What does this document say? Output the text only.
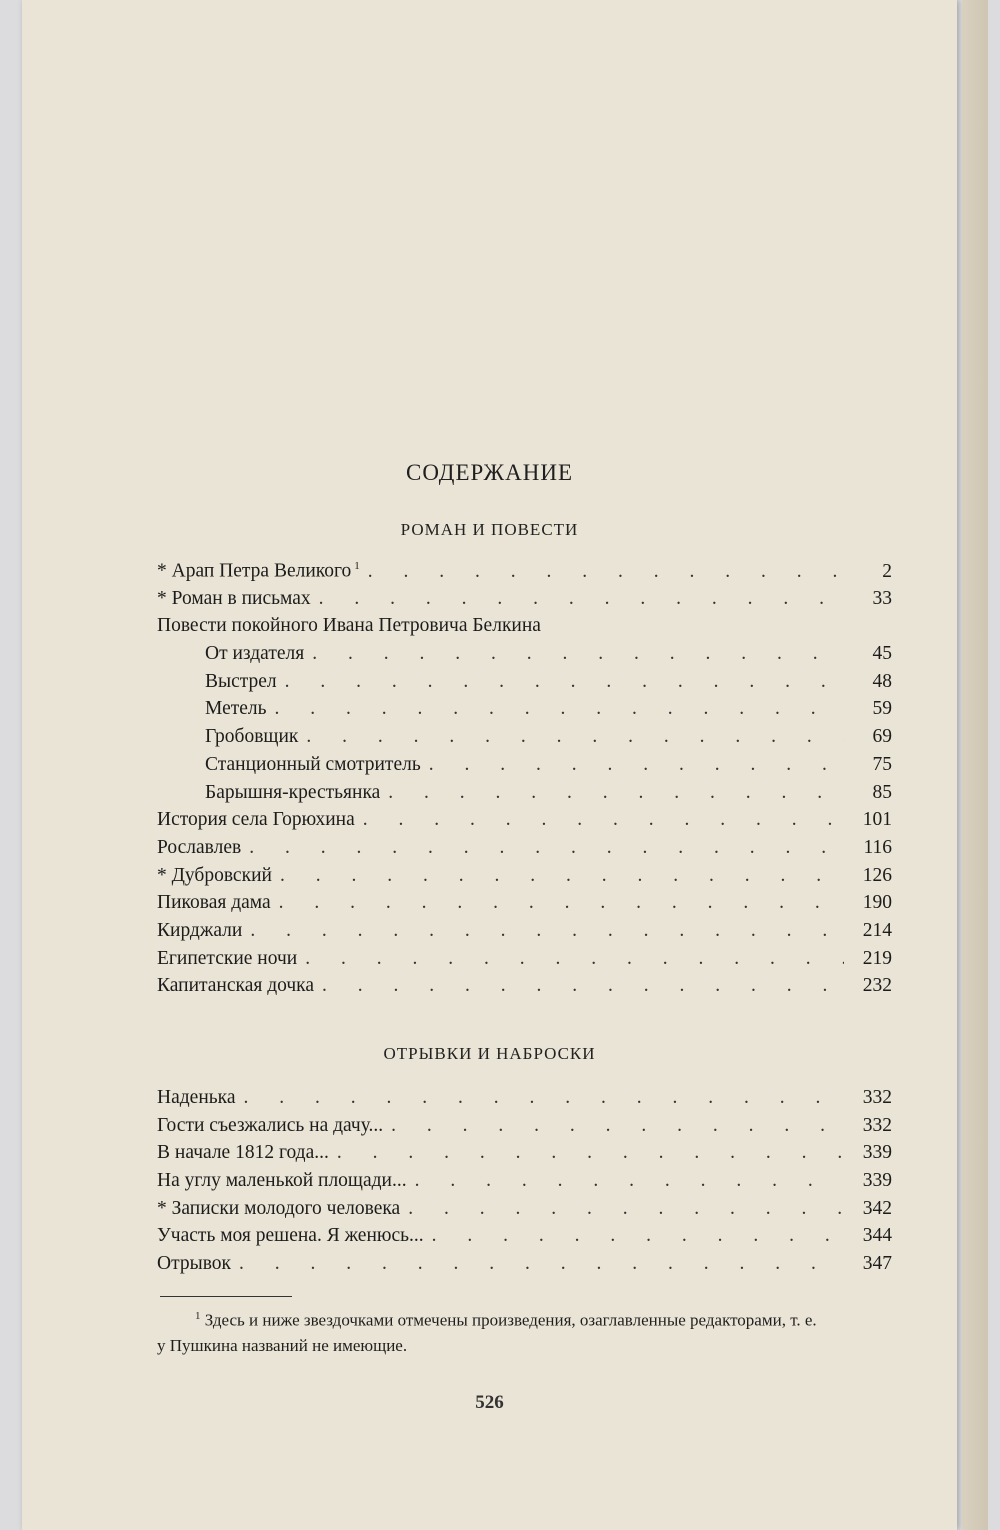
СОДЕРЖАНИЕ
РОМАН И ПОВЕСТИ
* Арап Петра Великого $^1$ . . .	2
* Роман в письмах . . .	33
Повести покойного Ивана Петровича Белкина
От издателя . . .	45
Выстрел . . .	48
Метель . . .	59
Гробовщик . . .	69
Станционный смотритель . . .	75
Барышня-крестьянка . . .	85
История села Горюхина . . .	101
Рославлев . . .	116
* Дубровский . . .	126
Пиковая дама . . .	190
Кирджали . . .	214
Египетские ночи . . .	219
Капитанская дочка . . .	232
ОТРЫВКИ И НАБРОСКИ
Наденька . . .	332
Гости съезжались на дачу... . . .	332
В начале 1812 года... . . .	339
На углу маленькой площади... . . .	339
* Записки молодого человека . . .	342
Участь моя решена. Я женюсь... . . .	344
Отрывок . . .	347
$^1$ Здесь и ниже звездочками отмечены произведения, озаглавленные редакторами, т. е. у Пушкина названий не имеющие.
526
